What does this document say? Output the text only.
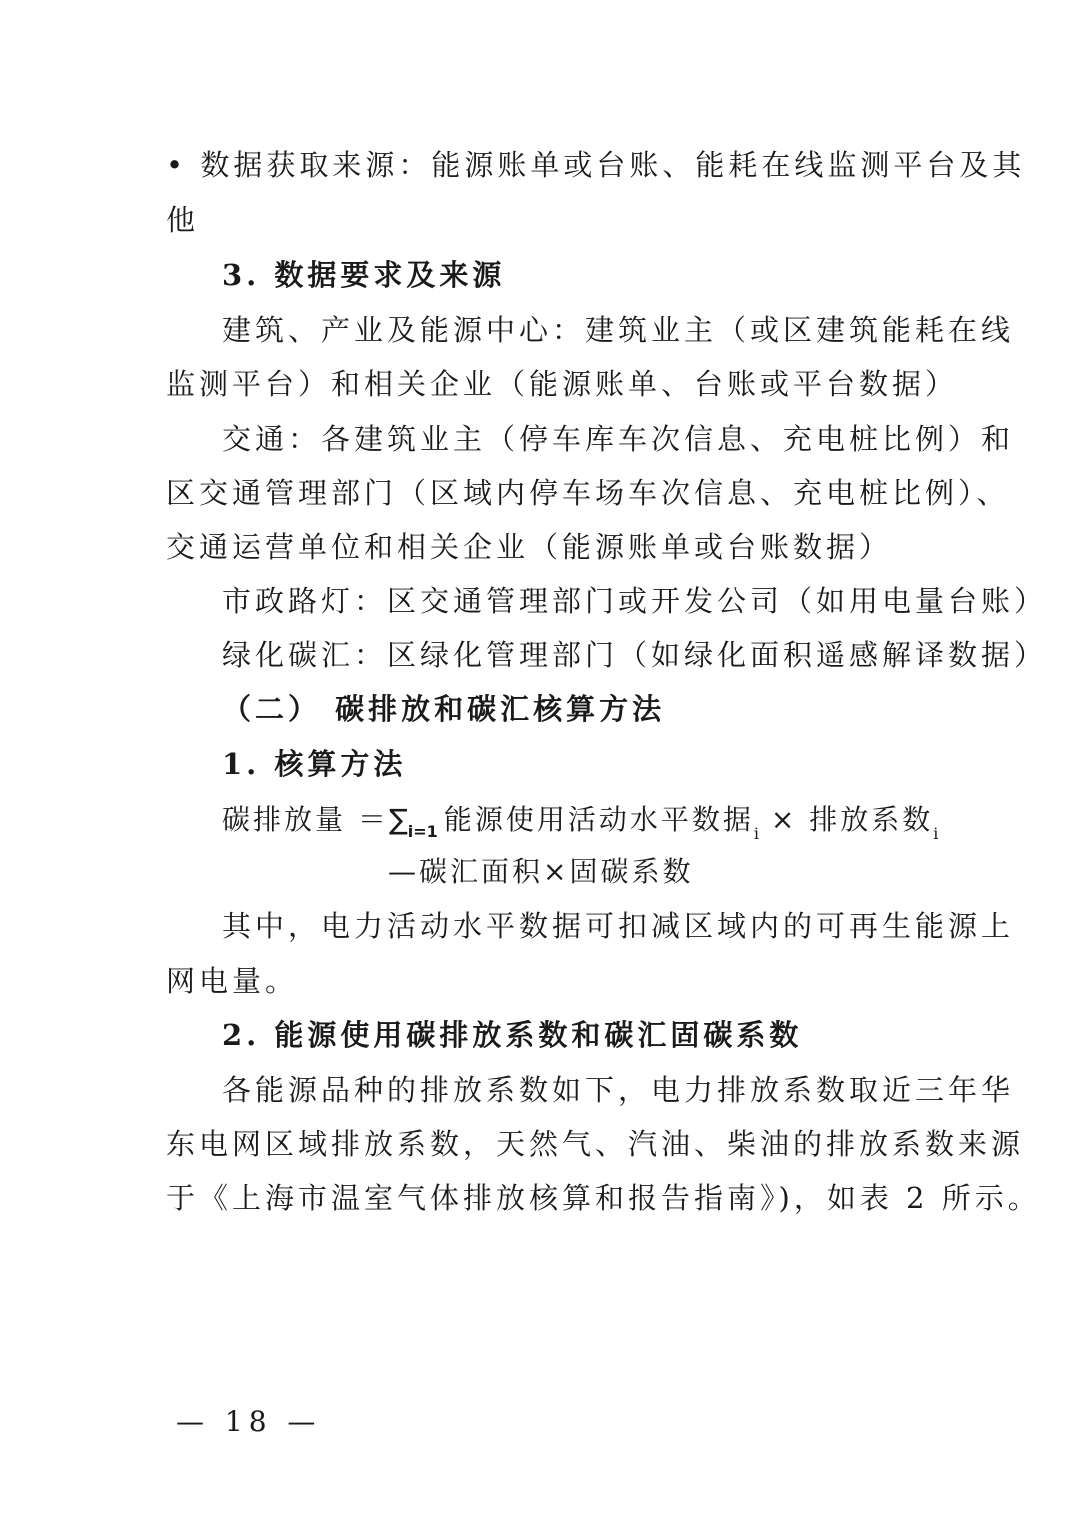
• 数据获取来源：能源账单或台账、能耗在线监测平台及其
他
3. 数据要求及来源
建筑、产业及能源中心：建筑业主（或区建筑能耗在线
监测平台）和相关企业（能源账单、台账或平台数据）
交通：各建筑业主（停车库车次信息、充电桩比例）和
区交通管理部门（区域内停车场车次信息、充电桩比例）、
交通运营单位和相关企业（能源账单或台账数据）
市政路灯：区交通管理部门或开发公司（如用电量台账）
绿化碳汇：区绿化管理部门（如绿化面积遥感解译数据）
（二） 碳排放和碳汇核算方法
1. 核算方法
碳排放量 $=\sum_{i=1}$ 能源使用活动水平数据$_i$ × 排放系数$_i$
—碳汇面积×固碳系数
其中，电力活动水平数据可扣减区域内的可再生能源上
网电量。
2. 能源使用碳排放系数和碳汇固碳系数
各能源品种的排放系数如下，电力排放系数取近三年华
东电网区域排放系数，天然气、汽油、柴油的排放系数来源
于《上海市温室气体排放核算和报告指南》)，如表 2 所示。
— 18 —
